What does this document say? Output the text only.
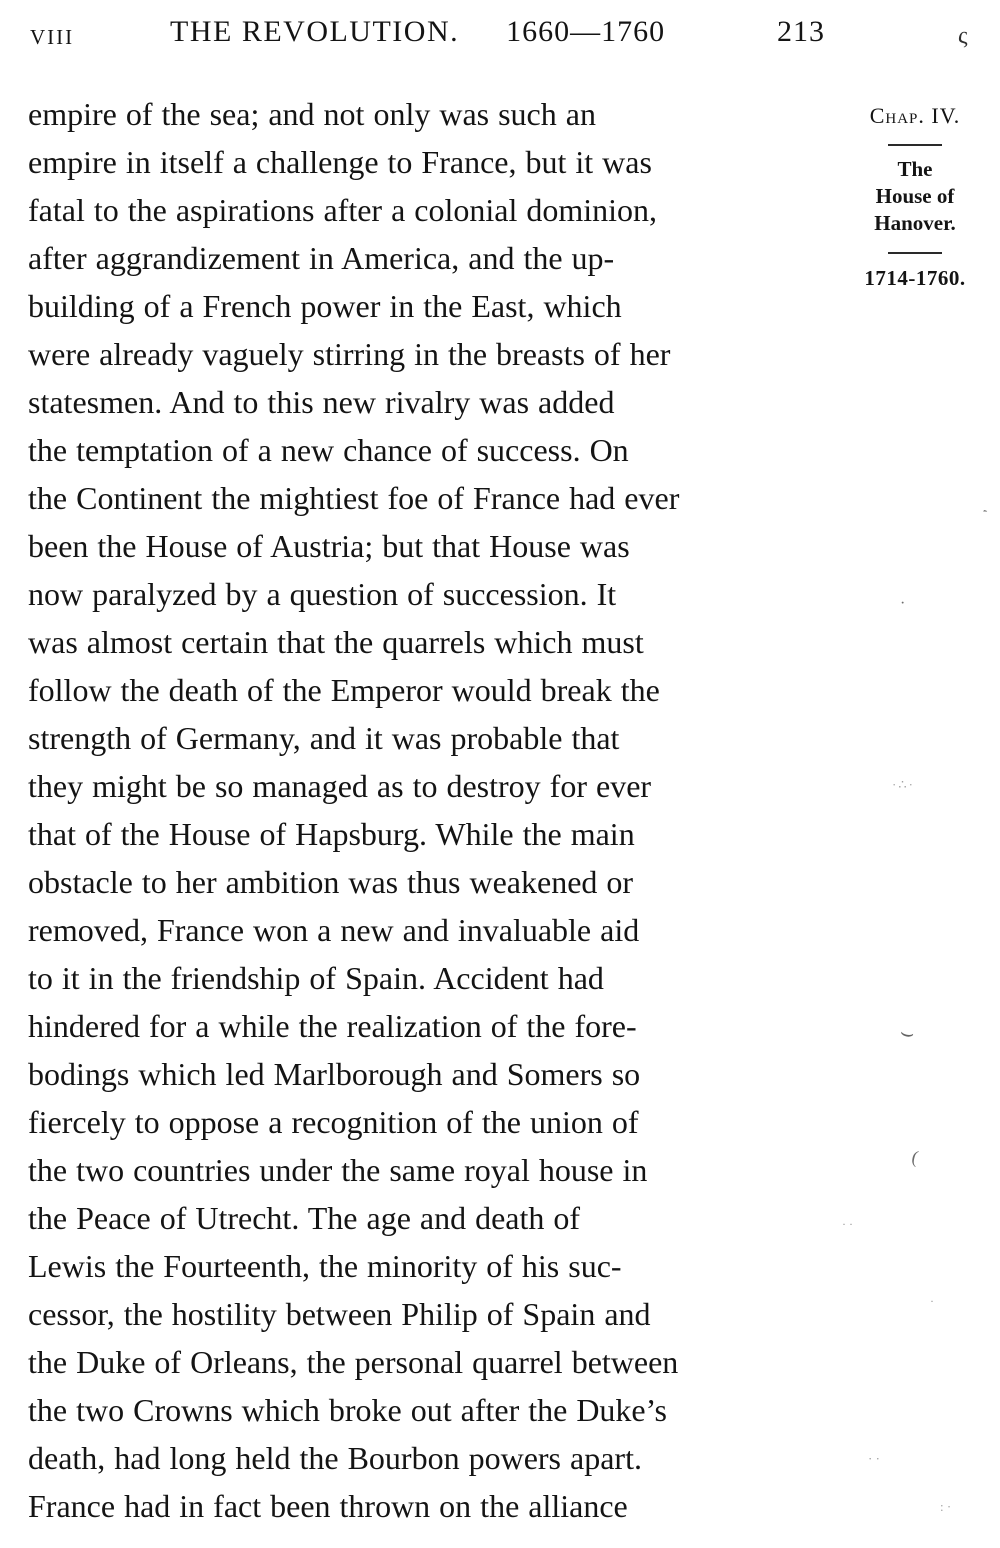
VIII	THE REVOLUTION. 1660—1760	213
empire of the sea; and not only was such an
empire in itself a challenge to France, but it was
fatal to the aspirations after a colonial dominion,
after aggrandizement in America, and the up-
building of a French power in the East, which
were already vaguely stirring in the breasts of her
statesmen. And to this new rivalry was added
the temptation of a new chance of success. On
the Continent the mightiest foe of France had ever
been the House of Austria; but that House was
now paralyzed by a question of succession. It
was almost certain that the quarrels which must
follow the death of the Emperor would break the
strength of Germany, and it was probable that
they might be so managed as to destroy for ever
that of the House of Hapsburg. While the main
obstacle to her ambition was thus weakened or
removed, France won a new and invaluable aid
to it in the friendship of Spain. Accident had
hindered for a while the realization of the fore-
bodings which led Marlborough and Somers so
fiercely to oppose a recognition of the union of
the two countries under the same royal house in
the Peace of Utrecht. The age and death of
Lewis the Fourteenth, the minority of his suc-
cessor, the hostility between Philip of Spain and
the Duke of Orleans, the personal quarrel between
the two Crowns which broke out after the Duke’s
death, had long held the Bourbon powers apart.
France had in fact been thrown on the alliance
Chap. IV.
The
House of
Hanover.
1714-1760.
ς
`
·
·∴·
⌣
(
· ·
·
· ·
: ·
